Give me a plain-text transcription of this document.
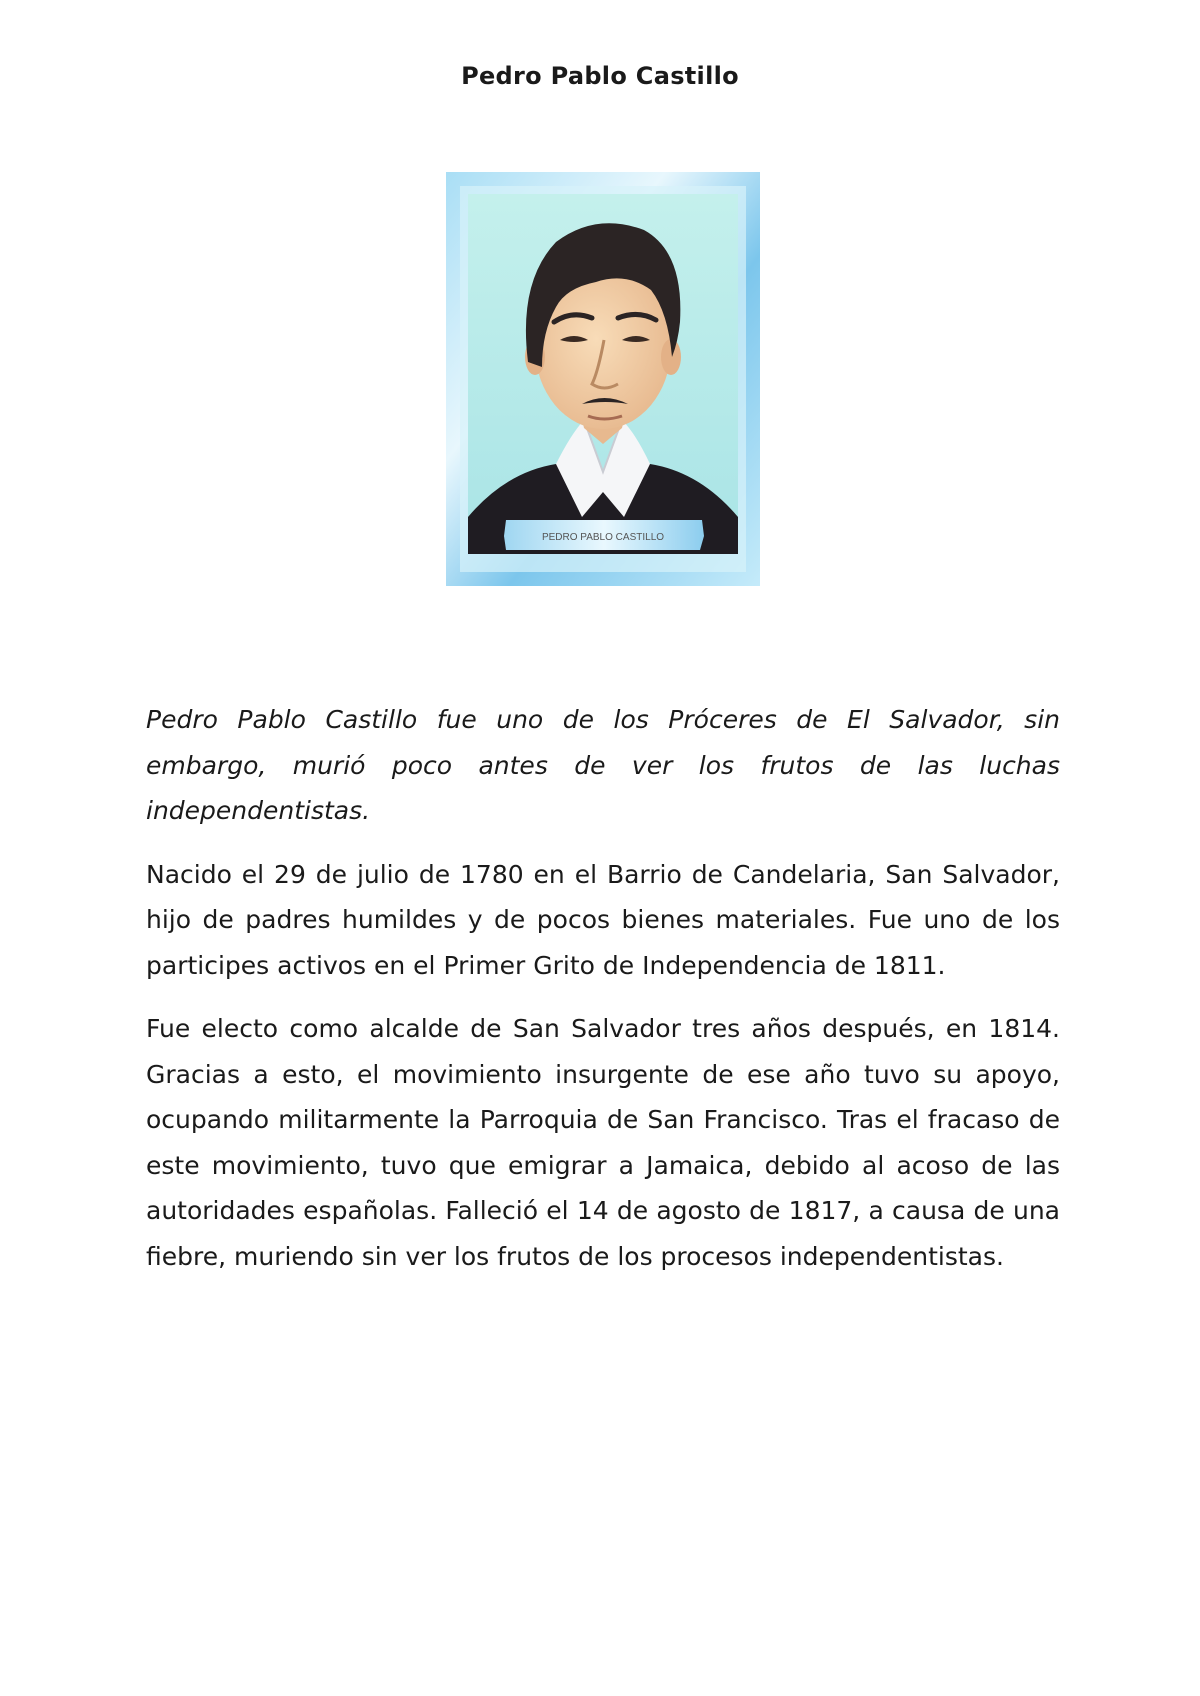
Pedro Pablo Castillo
PEDRO PABLO CASTILLO

Pedro Pablo Castillo fue uno de los Próceres de El Salvador, sin embargo, murió poco antes de ver los frutos de las luchas independentistas.

Nacido el 29 de julio de 1780 en el Barrio de Candelaria, San Salvador, hijo de padres humildes y de pocos bienes materiales. Fue uno de los participes activos en el Primer Grito de Independencia de 1811.

Fue electo como alcalde de San Salvador tres años después, en 1814. Gracias a esto, el movimiento insurgente de ese año tuvo su apoyo, ocupando militarmente la Parroquia de San Francisco. Tras el fracaso de este movimiento, tuvo que emigrar a Jamaica, debido al acoso de las autoridades españolas. Falleció el 14 de agosto de 1817, a causa de una fiebre, muriendo sin ver los frutos de los procesos independentistas.
